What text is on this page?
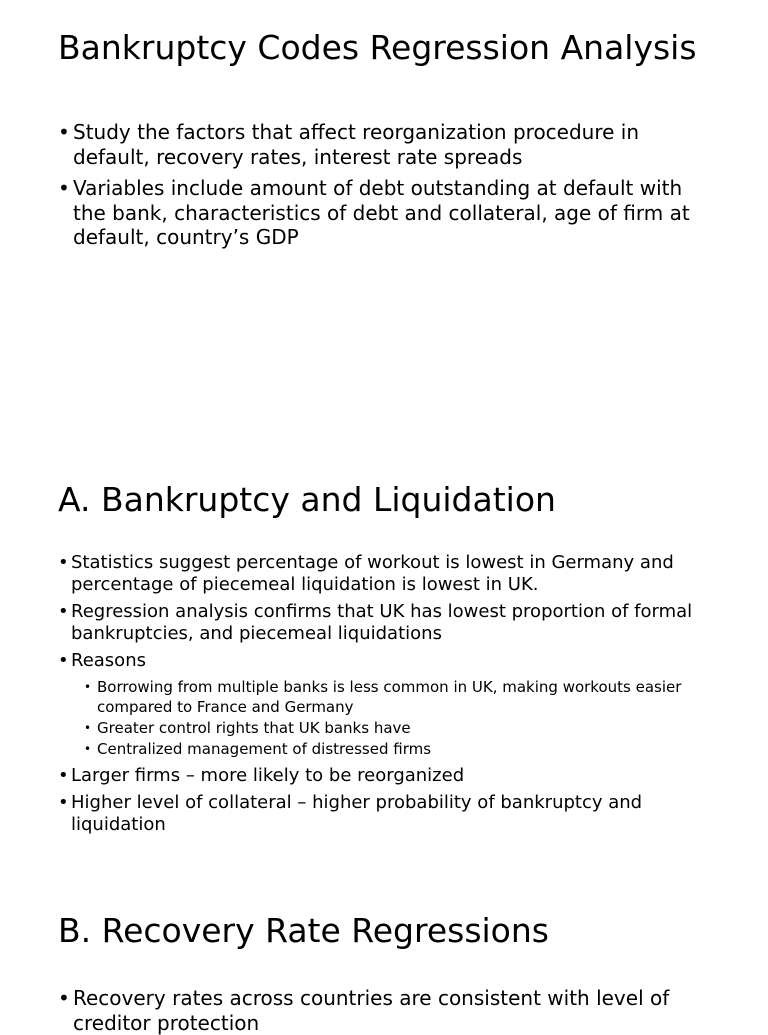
Bankruptcy Codes Regression Analysis
• Study the factors that affect reorganization procedure in default, recovery rates, interest rate spreads
• Variables include amount of debt outstanding at default with the bank, characteristics of debt and collateral, age of firm at default, country’s GDP
A. Bankruptcy and Liquidation
• Statistics suggest percentage of workout is lowest in Germany and percentage of piecemeal liquidation is lowest in UK.
• Regression analysis confirms that UK has lowest proportion of formal bankruptcies, and piecemeal liquidations
• Reasons
• Borrowing from multiple banks is less common in UK, making workouts easier compared to France and Germany
• Greater control rights that UK banks have
• Centralized management of distressed firms
• Larger firms – more likely to be reorganized
• Higher level of collateral – higher probability of bankruptcy and liquidation
B. Recovery Rate Regressions
• Recovery rates across countries are consistent with level of creditor protection
